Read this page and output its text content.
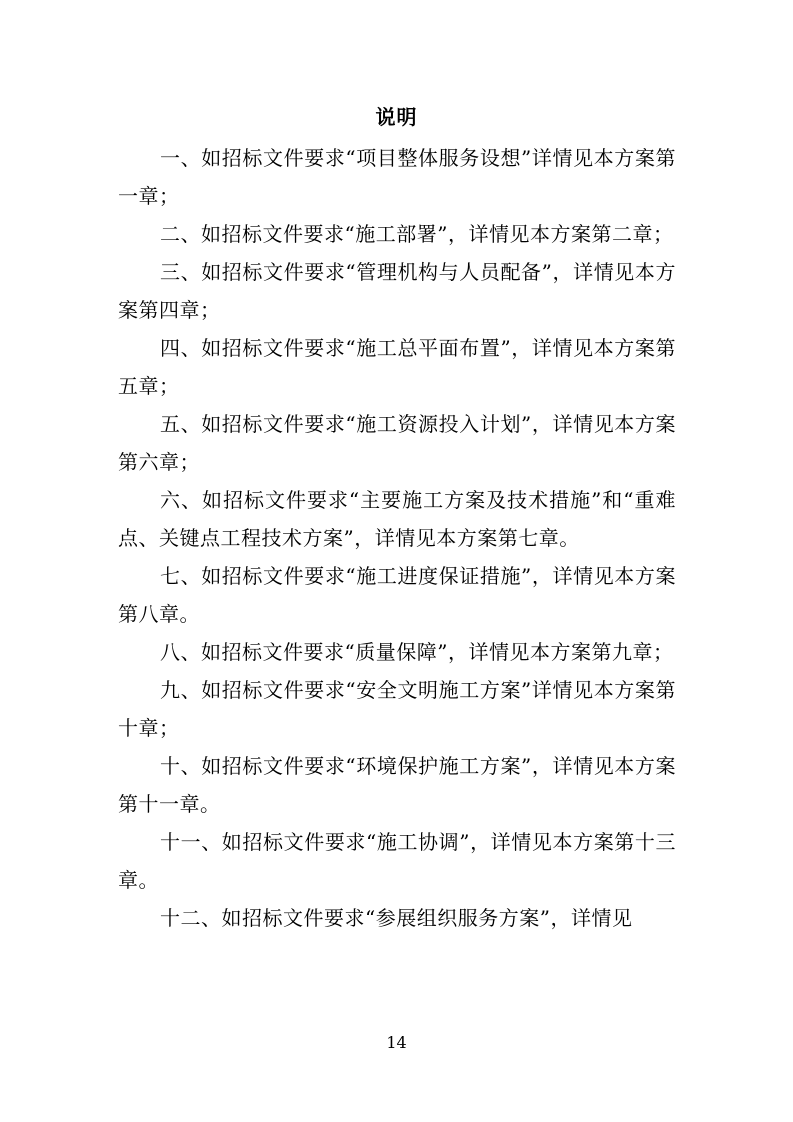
说明

一、如招标文件要求“项目整体服务设想”详情见本方案第一章；

二、如招标文件要求“施工部署”，详情见本方案第二章；

三、如招标文件要求“管理机构与人员配备”，详情见本方案第四章；

四、如招标文件要求“施工总平面布置”，详情见本方案第五章；

五、如招标文件要求“施工资源投入计划”，详情见本方案第六章；

六、如招标文件要求“主要施工方案及技术措施”和“重难点、关键点工程技术方案”，详情见本方案第七章。

七、如招标文件要求“施工进度保证措施”，详情见本方案第八章。

八、如招标文件要求“质量保障”，详情见本方案第九章；

九、如招标文件要求“安全文明施工方案”详情见本方案第十章；

十、如招标文件要求“环境保护施工方案”，详情见本方案第十一章。

十一、如招标文件要求“施工协调”，详情见本方案第十三章。

十二、如招标文件要求“参展组织服务方案”，详情见

14
